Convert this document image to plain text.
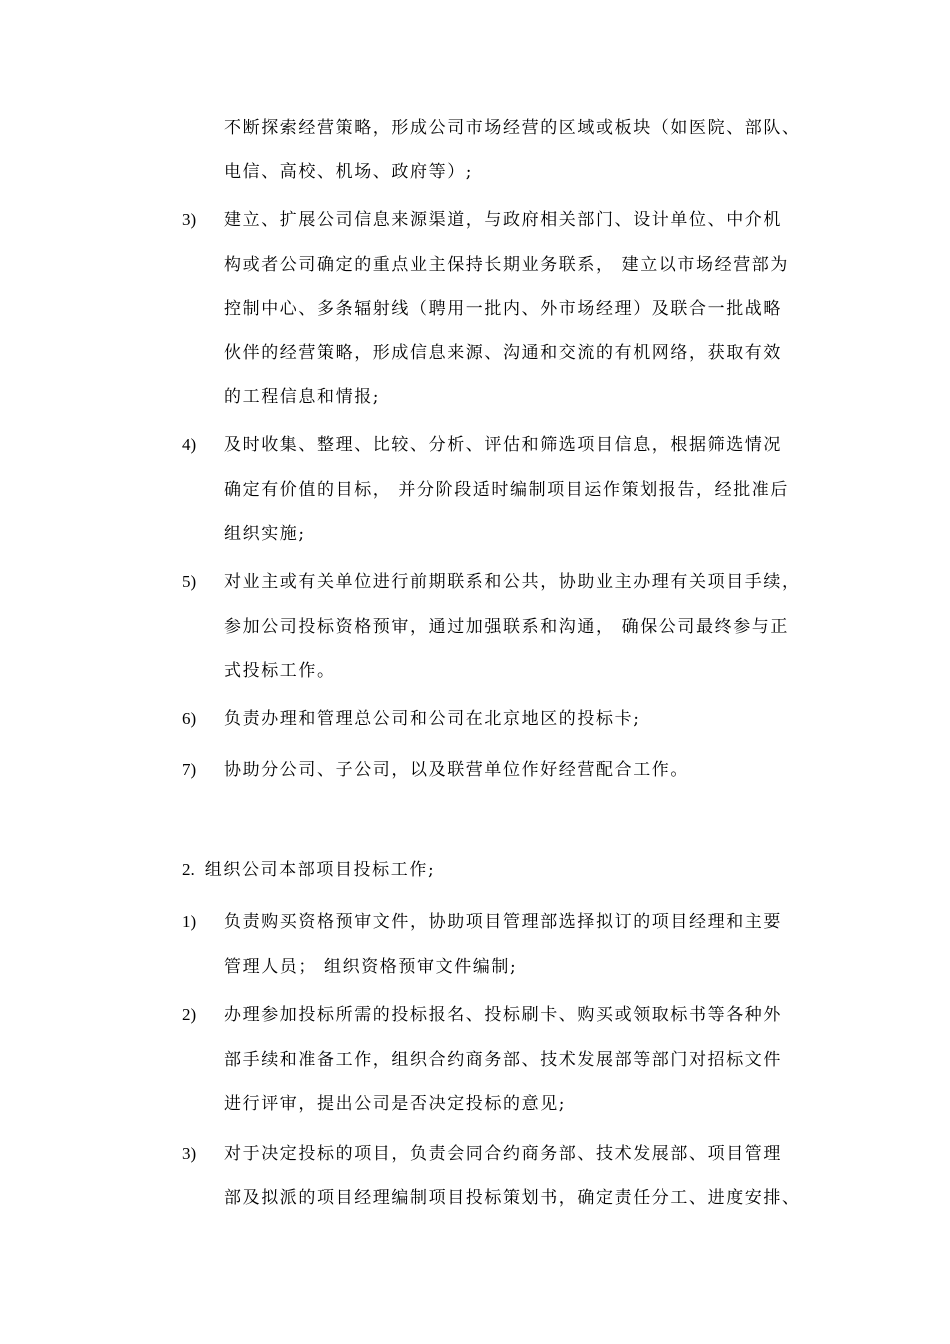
不断探索经营策略，形成公司市场经营的区域或板块（如医院、部队、
电信、高校、机场、政府等）;
3) 建立、扩展公司信息来源渠道，与政府相关部门、设计单位、中介机
构或者公司确定的重点业主保持长期业务联系， 建立以市场经营部为
控制中心、多条辐射线（聘用一批内、外市场经理）及联合一批战略
伙伴的经营策略，形成信息来源、沟通和交流的有机网络，获取有效
的工程信息和情报;
4) 及时收集、整理、比较、分析、评估和筛选项目信息，根据筛选情况
确定有价值的目标， 并分阶段适时编制项目运作策划报告，经批准后
组织实施;
5) 对业主或有关单位进行前期联系和公共，协助业主办理有关项目手续，
参加公司投标资格预审，通过加强联系和沟通， 确保公司最终参与正
式投标工作。
6) 负责办理和管理总公司和公司在北京地区的投标卡;
7) 协助分公司、子公司，以及联营单位作好经营配合工作。
2. 组织公司本部项目投标工作;
1) 负责购买资格预审文件，协助项目管理部选择拟订的项目经理和主要
管理人员； 组织资格预审文件编制;
2) 办理参加投标所需的投标报名、投标刷卡、购买或领取标书等各种外
部手续和准备工作，组织合约商务部、技术发展部等部门对招标文件
进行评审，提出公司是否决定投标的意见;
3) 对于决定投标的项目，负责会同合约商务部、技术发展部、项目管理
部及拟派的项目经理编制项目投标策划书，确定责任分工、进度安排、
